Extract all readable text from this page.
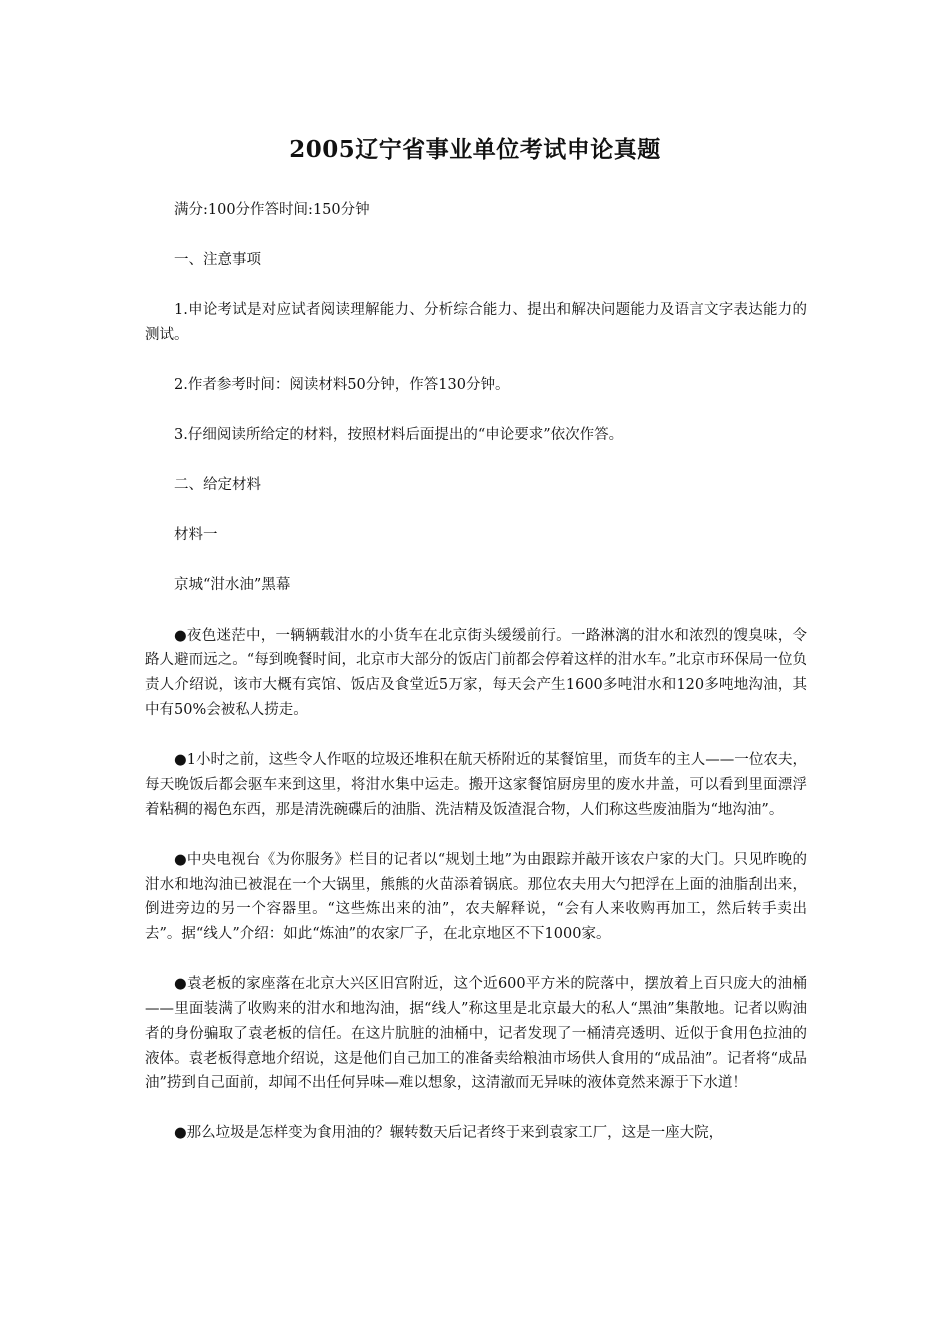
2005辽宁省事业单位考试申论真题

满分:100分作答时间:150分钟

一、注意事项

1.申论考试是对应试者阅读理解能力、分析综合能力、提出和解决问题能力及语言文字表达能力的测试。

2.作者参考时间：阅读材料50分钟，作答130分钟。

3.仔细阅读所给定的材料，按照材料后面提出的“申论要求”依次作答。

二、给定材料

材料一

京城“泔水油”黑幕

●夜色迷茫中，一辆辆载泔水的小货车在北京街头缓缓前行。一路淋漓的泔水和浓烈的馊臭味，令路人避而远之。“每到晚餐时间，北京市大部分的饭店门前都会停着这样的泔水车。”北京市环保局一位负责人介绍说，该市大概有宾馆、饭店及食堂近5万家，每天会产生1600多吨泔水和120多吨地沟油，其中有50%会被私人捞走。

●1小时之前，这些令人作呕的垃圾还堆积在航天桥附近的某餐馆里，而货车的主人——一位农夫，每天晚饭后都会驱车来到这里，将泔水集中运走。搬开这家餐馆厨房里的废水井盖，可以看到里面漂浮着粘稠的褐色东西，那是清洗碗碟后的油脂、洗洁精及饭渣混合物，人们称这些废油脂为“地沟油”。

●中央电视台《为你服务》栏目的记者以“规划土地”为由跟踪并敲开该农户家的大门。只见昨晚的泔水和地沟油已被混在一个大锅里，熊熊的火苗添着锅底。那位农夫用大勺把浮在上面的油脂刮出来，倒进旁边的另一个容器里。“这些炼出来的油”，农夫解释说，“会有人来收购再加工，然后转手卖出去”。据“线人”介绍：如此“炼油”的农家厂子，在北京地区不下1000家。

●袁老板的家座落在北京大兴区旧宫附近，这个近600平方米的院落中，摆放着上百只庞大的油桶——里面装满了收购来的泔水和地沟油，据“线人”称这里是北京最大的私人“黑油”集散地。记者以购油者的身份骗取了袁老板的信任。在这片肮脏的油桶中，记者发现了一桶清亮透明、近似于食用色拉油的液体。袁老板得意地介绍说，这是他们自己加工的准备卖给粮油市场供人食用的“成品油”。记者将“成品油”捞到自己面前，却闻不出任何异味—难以想象，这清澈而无异味的液体竟然来源于下水道！

●那么垃圾是怎样变为食用油的？辗转数天后记者终于来到袁家工厂，这是一座大院，
